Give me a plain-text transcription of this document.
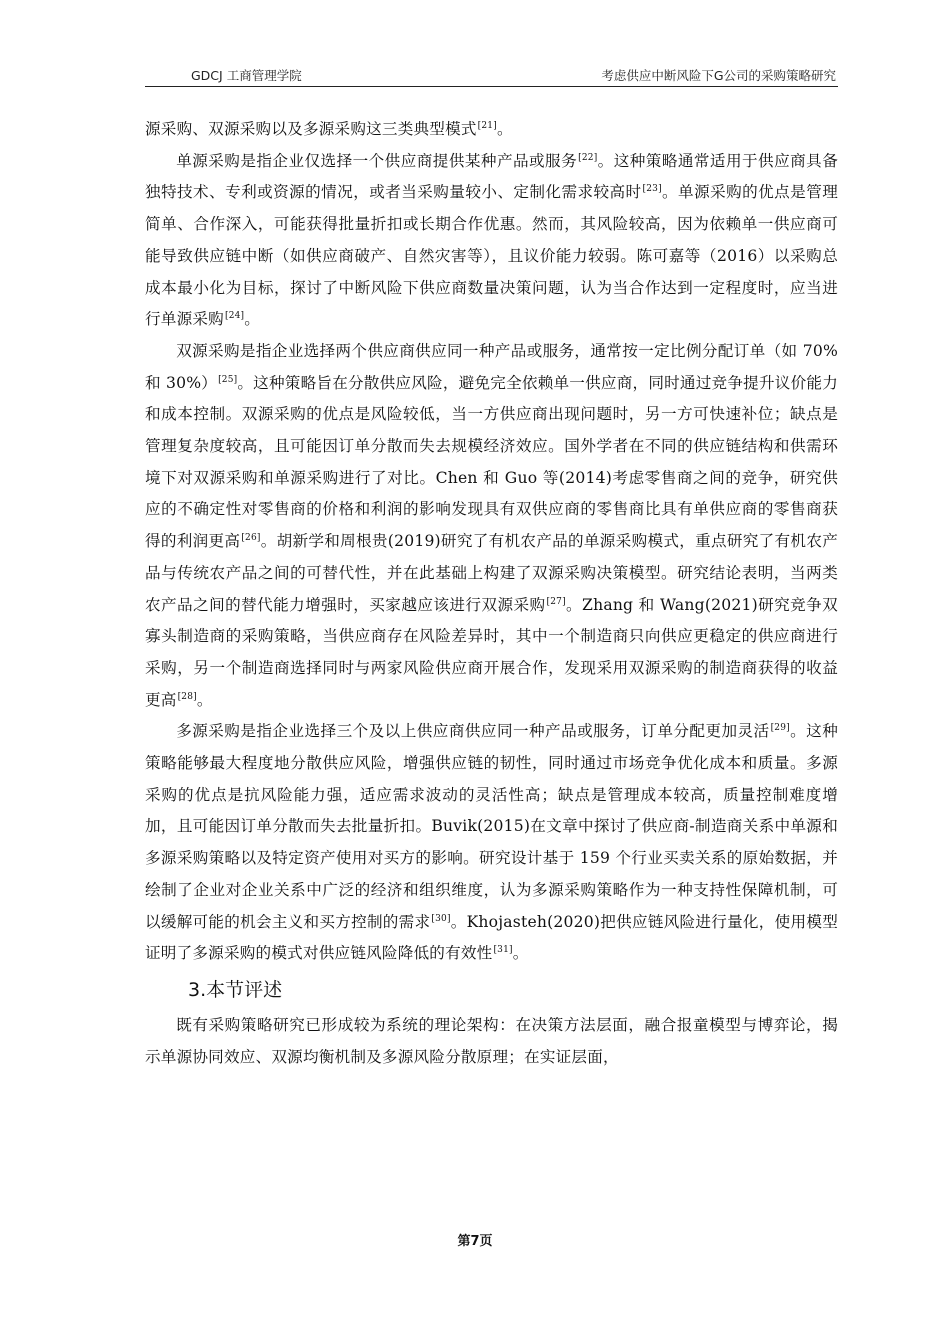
GDCJ 工商管理学院	考虑供应中断风险下G公司的采购策略研究

源采购、双源采购以及多源采购这三类典型模式[21]。

单源采购是指企业仅选择一个供应商提供某种产品或服务[22]。这种策略通常适用于供应商具备独特技术、专利或资源的情况，或者当采购量较小、定制化需求较高时[23]。单源采购的优点是管理简单、合作深入，可能获得批量折扣或长期合作优惠。然而，其风险较高，因为依赖单一供应商可能导致供应链中断（如供应商破产、自然灾害等），且议价能力较弱。陈可嘉等（2016）以采购总成本最小化为目标，探讨了中断风险下供应商数量决策问题，认为当合作达到一定程度时，应当进行单源采购[24]。

双源采购是指企业选择两个供应商供应同一种产品或服务，通常按一定比例分配订单（如 70%和 30%）[25]。这种策略旨在分散供应风险，避免完全依赖单一供应商，同时通过竞争提升议价能力和成本控制。双源采购的优点是风险较低，当一方供应商出现问题时，另一方可快速补位；缺点是管理复杂度较高，且可能因订单分散而失去规模经济效应。国外学者在不同的供应链结构和供需环境下对双源采购和单源采购进行了对比。Chen 和 Guo 等(2014)考虑零售商之间的竞争，研究供应的不确定性对零售商的价格和利润的影响发现具有双供应商的零售商比具有单供应商的零售商获得的利润更高[26]。胡新学和周根贵(2019)研究了有机农产品的单源采购模式，重点研究了有机农产品与传统农产品之间的可替代性，并在此基础上构建了双源采购决策模型。研究结论表明，当两类农产品之间的替代能力增强时，买家越应该进行双源采购[27]。Zhang 和 Wang(2021)研究竞争双寡头制造商的采购策略，当供应商存在风险差异时，其中一个制造商只向供应更稳定的供应商进行采购，另一个制造商选择同时与两家风险供应商开展合作，发现采用双源采购的制造商获得的收益更高[28]。

多源采购是指企业选择三个及以上供应商供应同一种产品或服务，订单分配更加灵活[29]。这种策略能够最大程度地分散供应风险，增强供应链的韧性，同时通过市场竞争优化成本和质量。多源采购的优点是抗风险能力强，适应需求波动的灵活性高；缺点是管理成本较高，质量控制难度增加，且可能因订单分散而失去批量折扣。Buvik(2015)在文章中探讨了供应商-制造商关系中单源和多源采购策略以及特定资产使用对买方的影响。研究设计基于 159 个行业买卖关系的原始数据，并绘制了企业对企业关系中广泛的经济和组织维度，认为多源采购策略作为一种支持性保障机制，可以缓解可能的机会主义和买方控制的需求[30]。Khojasteh(2020)把供应链风险进行量化，使用模型证明了多源采购的模式对供应链风险降低的有效性[31]。

3.本节评述

既有采购策略研究已形成较为系统的理论架构：在决策方法层面，融合报童模型与博弈论，揭示单源协同效应、双源均衡机制及多源风险分散原理；在实证层面，

第7页
